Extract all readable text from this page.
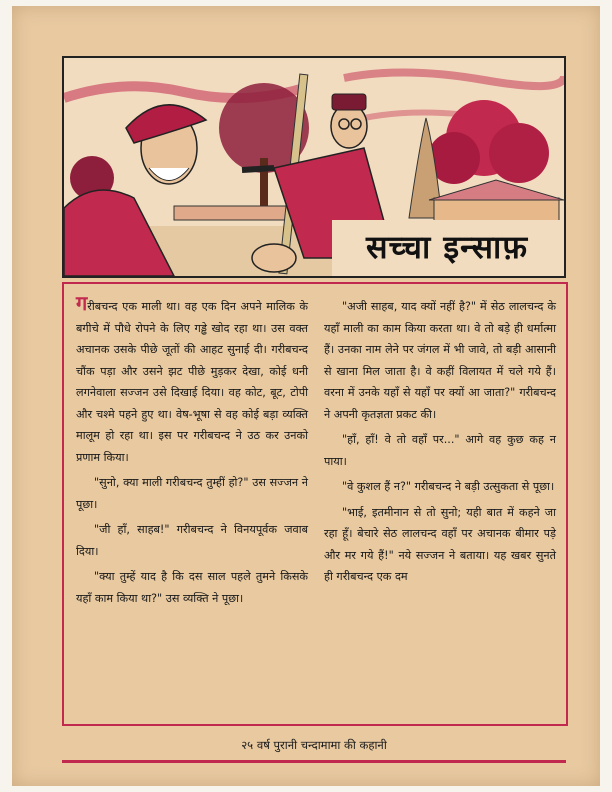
सच्चा इन्साफ़

गरीबचन्द एक माली था। वह एक दिन अपने मालिक के बगीचे में पौधे रोपने के लिए गड्ढे खोद रहा था। उस वक्त अचानक उसके पीछे जूतों की आहट सुनाई दी। गरीबचन्द चौंक पड़ा और उसने झट पीछे मुड़कर देखा, कोई धनी लगनेवाला सज्जन उसे दिखाई दिया। वह कोट, बूट, टोपी और चश्मे पहने हुए था। वेष-भूषा से वह कोई बड़ा व्यक्ति मालूम हो रहा था। इस पर गरीबचन्द ने उठ कर उनको प्रणाम किया।

"सुनो, क्या माली गरीबचन्द तुम्हीं हो?" उस सज्जन ने पूछा।

"जी हाँ, साहब!" गरीबचन्द ने विनयपूर्वक जवाब दिया।

"क्या तुम्हें याद है कि दस साल पहले तुमने किसके यहाँ काम किया था?" उस व्यक्ति ने पूछा।

"अजी साहब, याद क्यों नहीं है?" में सेठ लालचन्द के यहाँ माली का काम किया करता था। वे तो बड़े ही धर्मात्मा हैं। उनका नाम लेने पर जंगल में भी जावे, तो बड़ी आसानी से खाना मिल जाता है। वे कहीं विलायत में चले गये हैं। वरना में उनके यहाँ से यहाँ पर क्यों आ जाता?" गरीबचन्द ने अपनी कृतज्ञता प्रकट की।

"हाँ, हाँ! वे तो वहाँ पर..." आगे वह कुछ कह न पाया।

"वे कुशल हैं न?" गरीबचन्द ने बड़ी उत्सुकता से पूछा।

"भाई, इतमीनान से तो सुनो; यही बात में कहने जा रहा हूँ। बेचारे सेठ लालचन्द वहाँ पर अचानक बीमार पड़े और मर गये हैं!" नये सज्जन ने बताया। यह खबर सुनते ही गरीबचन्द एक दम

२५ वर्ष पुरानी चन्दामामा की कहानी
